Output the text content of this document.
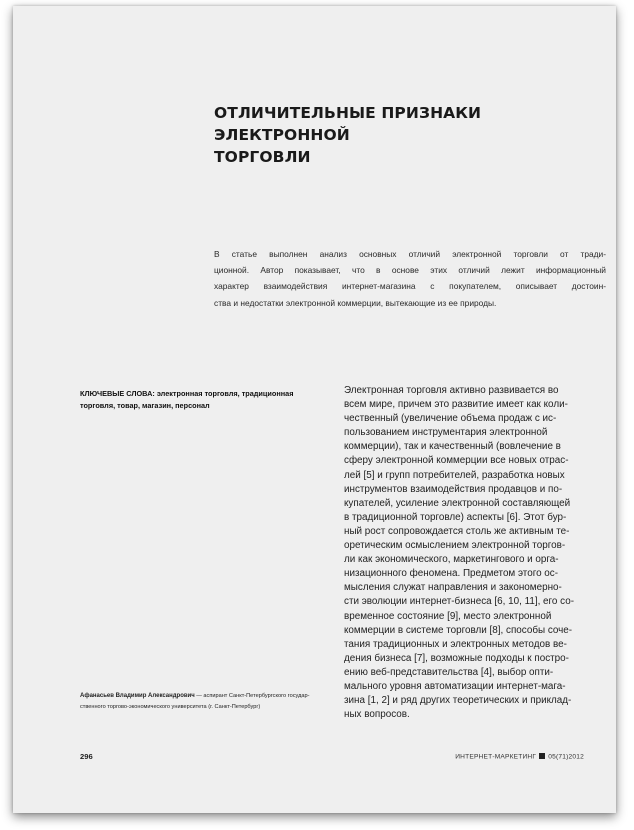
ОТЛИЧИТЕЛЬНЫЕ ПРИЗНАКИ ЭЛЕКТРОННОЙ
ТОРГОВЛИ
В статье выполнен анализ основных отличий электронной торговли от тради-
ционной. Автор показывает, что в основе этих отличий лежит информационный
характер взаимодействия интернет-магазина с покупателем, описывает достоин-
ства и недостатки электронной коммерции, вытекающие из ее природы.
КЛЮЧЕВЫЕ СЛОВА: электронная торговля, традиционная
торговля, товар, магазин, персонал
Электронная торговля активно развивается во
всем мире, причем это развитие имеет как коли-
чественный (увеличение объема продаж с ис-
пользованием инструментария электронной
коммерции), так и качественный (вовлечение в
сферу электронной коммерции все новых отрас-
лей [5] и групп потребителей, разработка новых
инструментов взаимодействия продавцов и по-
купателей, усиление электронной составляющей
в традиционной торговле) аспекты [6]. Этот бур-
ный рост сопровождается столь же активным те-
оретическим осмыслением электронной торгов-
ли как экономического, маркетингового и орга-
низационного феномена. Предметом этого ос-
мысления служат направления и закономерно-
сти эволюции интернет-бизнеса [6, 10, 11], его со-
временное состояние [9], место электронной
коммерции в системе торговли [8], способы соче-
тания традиционных и электронных методов ве-
дения бизнеса [7], возможные подходы к постро-
ению веб-представительства [4], выбор опти-
мального уровня автоматизации интернет-мага-
зина [1, 2] и ряд других теоретических и приклад-
ных вопросов.
Афанасьев Владимир Александрович — аспирант Санкт-Петербургского государ-
ственного торгово-экономического университета (г. Санкт-Петербург)
296	ИНТЕРНЕТ-МАРКЕТИНГ 05(71)2012
